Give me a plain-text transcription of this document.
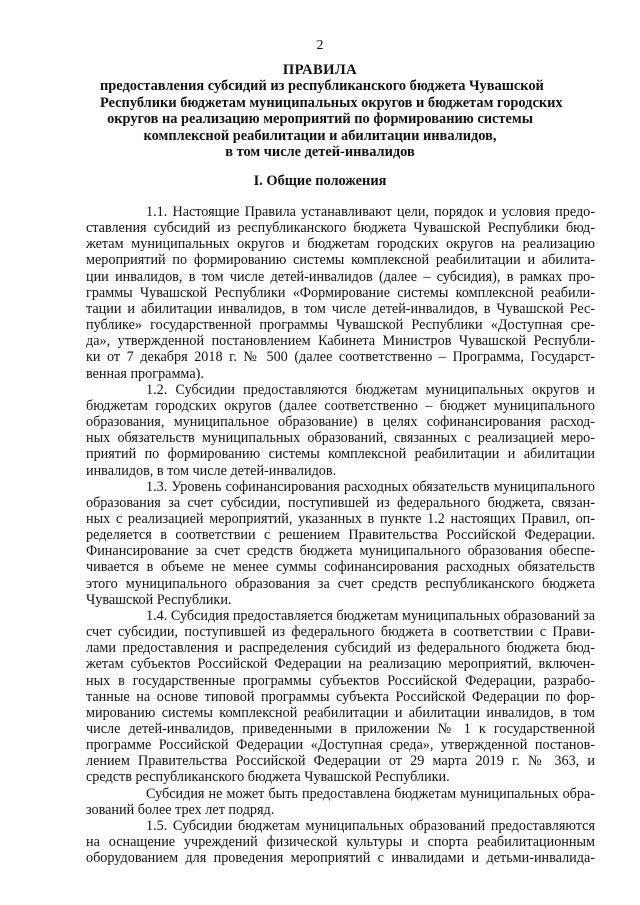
2
ПРАВИЛА
предоставления субсидий из республиканского бюджета Чувашской
Республики бюджетам муниципальных округов и бюджетам городских
округов на реализацию мероприятий по формированию системы
комплексной реабилитации и абилитации инвалидов,
в том числе детей-инвалидов
I. Общие положения
1.1. Настоящие Правила устанавливают цели, порядок и условия предо-
ставления субсидий из республиканского бюджета Чувашской Республики бюд-
жетам муниципальных округов и бюджетам городских округов на реализацию
мероприятий по формированию системы комплексной реабилитации и абилита-
ции инвалидов, в том числе детей-инвалидов (далее – субсидия), в рамках про-
граммы Чувашской Республики «Формирование системы комплексной реабили-
тации и абилитации инвалидов, в том числе детей-инвалидов, в Чувашской Рес-
публике» государственной программы Чувашской Республики «Доступная сре-
да», утвержденной постановлением Кабинета Министров Чувашской Республи-
ки от 7 декабря 2018 г. № 500 (далее соответственно – Программа, Государст-
венная программа).
1.2. Субсидии предоставляются бюджетам муниципальных округов и
бюджетам городских округов (далее соответственно – бюджет муниципального
образования, муниципальное образование) в целях софинансирования расход-
ных обязательств муниципальных образований, связанных с реализацией меро-
приятий по формированию системы комплексной реабилитации и абилитации
инвалидов, в том числе детей-инвалидов.
1.3. Уровень софинансирования расходных обязательств муниципального
образования за счет субсидии, поступившей из федерального бюджета, связан-
ных с реализацией мероприятий, указанных в пункте 1.2 настоящих Правил, оп-
ределяется в соответствии с решением Правительства Российской Федерации.
Финансирование за счет средств бюджета муниципального образования обеспе-
чивается в объеме не менее суммы софинансирования расходных обязательств
этого муниципального образования за счет средств республиканского бюджета
Чувашской Республики.
1.4. Субсидия предоставляется бюджетам муниципальных образований за
счет субсидии, поступившей из федерального бюджета в соответствии с Прави-
лами предоставления и распределения субсидий из федерального бюджета бюд-
жетам субъектов Российской Федерации на реализацию мероприятий, включен-
ных в государственные программы субъектов Российской Федерации, разрабо-
танные на основе типовой программы субъекта Российской Федерации по фор-
мированию системы комплексной реабилитации и абилитации инвалидов, в том
числе детей-инвалидов, приведенными в приложении № 1 к государственной
программе Российской Федерации «Доступная среда», утвержденной постанов-
лением Правительства Российской Федерации от 29 марта 2019 г. № 363, и
средств республиканского бюджета Чувашской Республики.
Субсидия не может быть предоставлена бюджетам муниципальных обра-
зований более трех лет подряд.
1.5. Субсидии бюджетам муниципальных образований предоставляются
на оснащение учреждений физической культуры и спорта реабилитационным
оборудованием для проведения мероприятий с инвалидами и детьми-инвалида-
